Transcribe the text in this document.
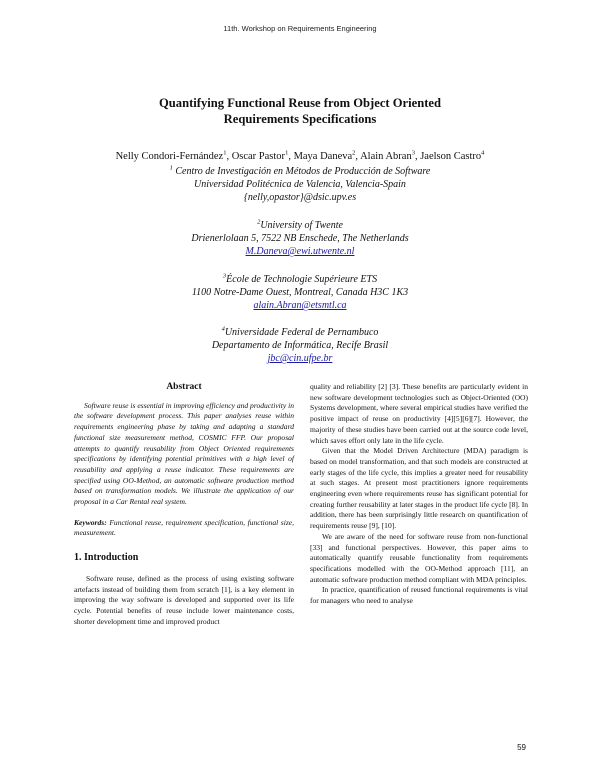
11th. Workshop on Requirements Engineering
Quantifying Functional Reuse from Object Oriented
Requirements Specifications
Nelly Condori-Fernández$^1$, Oscar Pastor$^1$, Maya Daneva$^2$, Alain Abran$^3$, Jaelson Castro$^4$
$^1$ Centro de Investigación en Métodos de Producción de Software
Universidad Politécnica de Valencia, Valencia-Spain
{nelly,opastor}@dsic.upv.es
$^2$University of Twente
Drienerlolaan 5, 7522 NB Enschede, The Netherlands
M.Daneva@ewi.utwente.nl
$^3$École de Technologie Supérieure ETS
1100 Notre-Dame Ouest, Montreal, Canada H3C 1K3
alain.Abran@etsmtl.ca
$^4$Universidade Federal de Pernambuco
Departamento de Informática, Recife Brasil
jbc@cin.ufpe.br
Abstract

Software reuse is essential in improving efficiency and productivity in the software development process. This paper analyses reuse within requirements engineering phase by taking and adapting a standard functional size measurement method, COSMIC FFP. Our proposal attempts to quantify reusability from Object Oriented requirements specifications by identifying potential primitives with a high level of reusability and applying a reuse indicator. These requirements are specified using OO-Method, an automatic software production method based on transformation models. We illustrate the application of our proposal in a Car Rental real system.

Keywords: Functional reuse, requirement specification, functional size, measurement.

1. Introduction

Software reuse, defined as the process of using existing software artefacts instead of building them from scratch [1], is a key element in improving the way software is developed and supported over its life cycle. Potential benefits of reuse include lower maintenance costs, shorter development time and improved product

quality and reliability [2] [3]. These benefits are particularly evident in new software development technologies such as Object-Oriented (OO) Systems development, where several empirical studies have verified the positive impact of reuse on productivity [4][5][6][7]. However, the majority of these studies have been carried out at the source code level, which saves effort only late in the life cycle.

Given that the Model Driven Architecture (MDA) paradigm is based on model transformation, and that such models are constructed at early stages of the life cycle, this implies a greater need for reusability at such stages. At present most practitioners ignore requirements engineering even where requirements reuse has significant potential for creating further reusability at later stages in the product life cycle [8]. In addition, there has been surprisingly little research on quantification of requirements reuse [9], [10].

We are aware of the need for software reuse from non-functional [33] and functional perspectives. However, this paper aims to automatically quantify reusable functionality from requirements specifications modelled with the OO-Method approach [11], an automatic software production method compliant with MDA principles.

In practice, quantification of reused functional requirements is vital for managers who need to analyse

59
